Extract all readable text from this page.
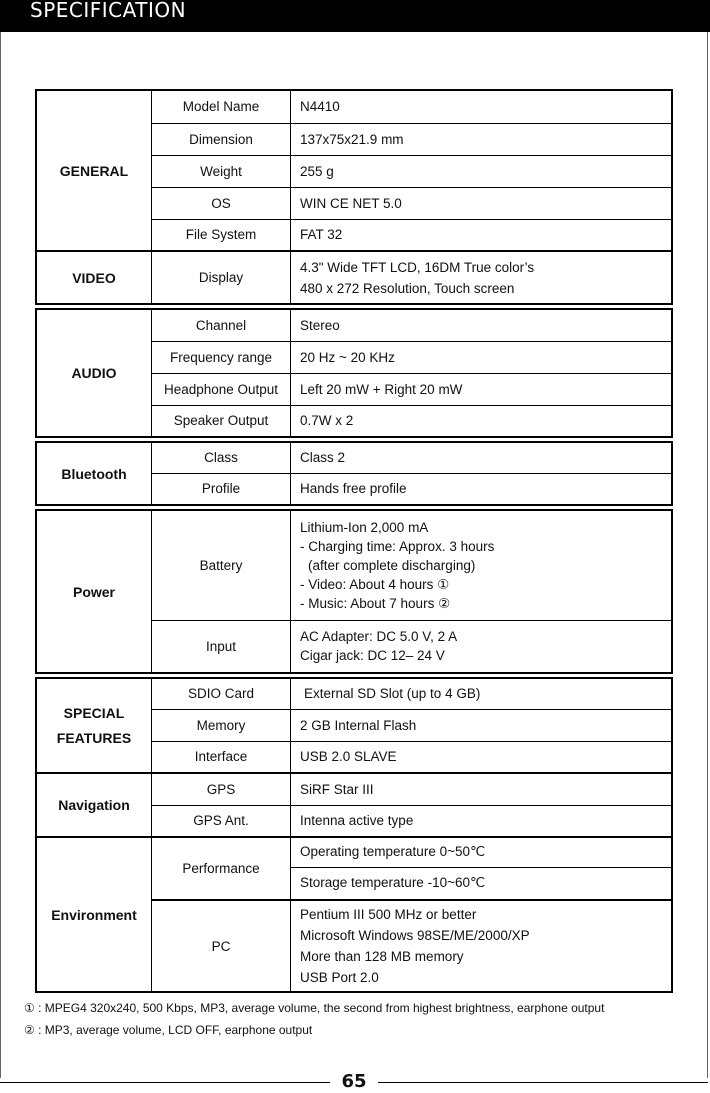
SPECIFICATION
GENERAL	Model Name	N4410
	Dimension	137x75x21.9 mm
	Weight	255 g
	OS	WIN CE NET 5.0
	File System	FAT 32
VIDEO	Display	4.3" Wide TFT LCD, 16DM True color’s
480 x 272 Resolution, Touch screen

AUDIO	Channel	Stereo
	Frequency range	20 Hz ~ 20 KHz
	Headphone Output	Left 20 mW + Right 20 mW
	Speaker Output	0.7W x 2

Bluetooth	Class	Class 2
	Profile	Hands free profile

Power	Battery	Lithium-Ion 2,000 mA
- Charging time: Approx. 3 hours
(after complete discharging)
- Video: About 4 hours ①
- Music: About 7 hours ②

	Input	AC Adapter: DC 5.0 V, 2 A
Cigar jack: DC 12– 24 V

SPECIAL
FEATURES	SDIO Card	External SD Slot (up to 4 GB)
	Memory	2 GB Internal Flash
	Interface	USB 2.0 SLAVE
Navigation	GPS	SiRF Star III
	GPS Ant.	Intenna active type
Environment	Performance	Operating temperature 0~50℃
		Storage temperature -10~60℃
	PC	Pentium III 500 MHz or better
Microsoft Windows 98SE/ME/2000/XP
More than 128 MB memory
USB Port 2.0
① : MPEG4 320x240, 500 Kbps, MP3, average volume, the second from highest brightness, earphone output
② : MP3, average volume, LCD OFF, earphone output
65
